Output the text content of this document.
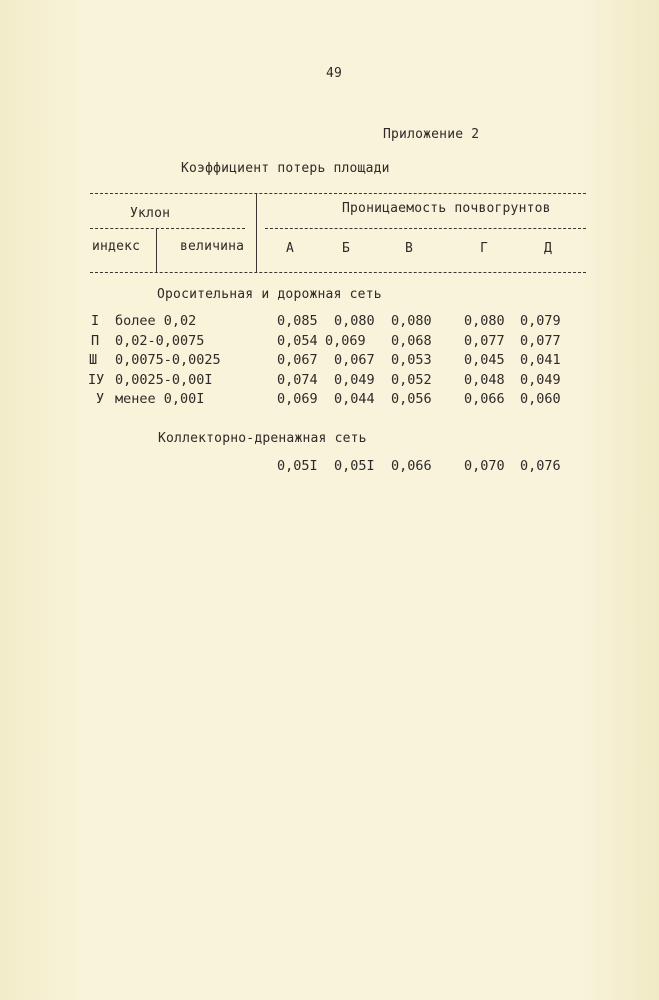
49
Приложение 2
Коэффициент потерь площади
Уклон	Проницаемость почвогрунтов
индекс	величина	А	Б	В	Г	Д
Оросительная и дорожная сеть
I более 0,02	0,085 0,080 0,080 0,080 0,079
П 0,02-0,0075	0,054 0,069 0,068 0,077 0,077
Ш 0,0075-0,0025	0,067 0,067 0,053 0,045 0,041
ІУ 0,0025-0,00I	0,074 0,049 0,052 0,048 0,049
У менее 0,00I	0,069 0,044 0,056 0,066 0,060
Коллекторно-дренажная сеть
0,05I 0,05I 0,066 0,070 0,076
